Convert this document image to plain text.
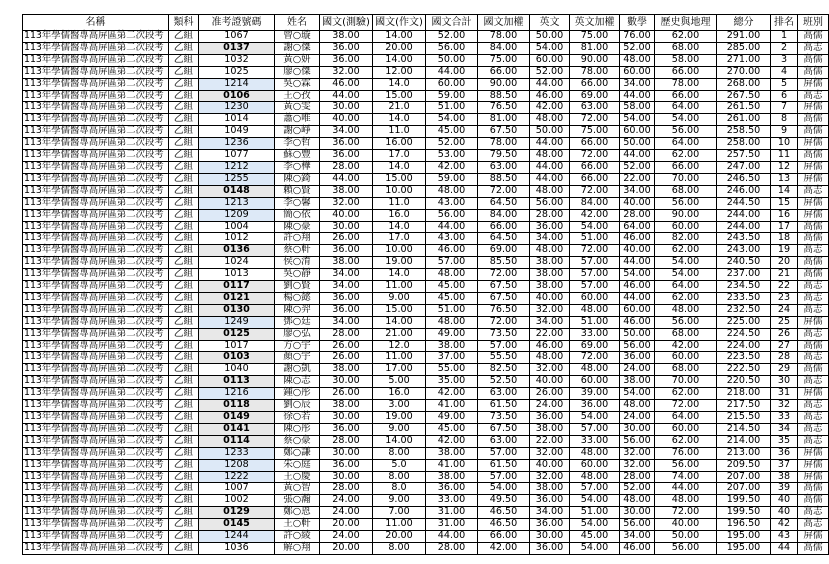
名稱	類科	准考證號碼	姓名	國文(測驗)	國文(作文)	國文合計	國文加權	英文	英文加權	數學	歷史與地理	總分	排名	班別
113年學儒醫專高屏區第二次段考	乙組	1067	曾○璇	38.00	14.00	52.00	78.00	50.00	75.00	76.00	62.00	291.00	1	高儒
113年學儒醫專高屏區第二次段考	乙組	0137	謝○傑	36.00	20.00	56.00	84.00	54.00	81.00	52.00	68.00	285.00	2	高志
113年學儒醫專高屏區第二次段考	乙組	1032	黃○妍	36.00	14.00	50.00	75.00	60.00	90.00	48.00	58.00	271.00	3	高儒
113年學儒醫專高屏區第二次段考	乙組	1025	廖○傑	32.00	12.00	44.00	66.00	52.00	78.00	60.00	66.00	270.00	4	高儒
113年學儒醫專高屏區第二次段考	乙組	1214	吳○霖	46.00	14.0	60.00	90.00	44.00	66.00	34.00	78.00	268.00	5	屏儒
113年學儒醫專高屏區第二次段考	乙組	0106	王○孜	44.00	15.00	59.00	88.50	46.00	69.00	44.00	66.00	267.50	6	高志
113年學儒醫專高屏區第二次段考	乙組	1230	黃○雯	30.00	21.0	51.00	76.50	42.00	63.00	58.00	64.00	261.50	7	屏儒
113年學儒醫專高屏區第二次段考	乙組	1014	蕭○唯	40.00	14.0	54.00	81.00	48.00	72.00	54.00	54.00	261.00	8	高儒
113年學儒醫專高屏區第二次段考	乙組	1049	謝○崢	34.00	11.0	45.00	67.50	50.00	75.00	60.00	56.00	258.50	9	高儒
113年學儒醫專高屏區第二次段考	乙組	1236	李○哲	36.00	16.00	52.00	78.00	44.00	66.00	50.00	64.00	258.00	10	屏儒
113年學儒醫專高屏區第二次段考	乙組	1077	蘇○豐	36.00	17.0	53.00	79.50	48.00	72.00	44.00	62.00	257.50	11	高儒
113年學儒醫專高屏區第二次段考	乙組	1212	李○樺	28.00	14.0	42.00	63.00	44.00	66.00	52.00	66.00	247.00	12	屏儒
113年學儒醫專高屏區第二次段考	乙組	1255	陳○錡	44.00	15.00	59.00	88.50	44.00	66.00	22.00	70.00	246.50	13	屏儒
113年學儒醫專高屏區第二次段考	乙組	0148	賴○賢	38.00	10.00	48.00	72.00	48.00	72.00	34.00	68.00	246.00	14	高志
113年學儒醫專高屏區第二次段考	乙組	1213	李○馨	32.00	11.0	43.00	64.50	56.00	84.00	40.00	56.00	244.50	15	屏儒
113年學儒醫專高屏區第二次段考	乙組	1209	簡○依	40.00	16.0	56.00	84.00	28.00	42.00	28.00	90.00	244.00	16	屏儒
113年學儒醫專高屏區第二次段考	乙組	1004	陳○豪	30.00	14.0	44.00	66.00	36.00	54.00	64.00	60.00	244.00	17	高儒
113年學儒醫專高屏區第二次段考	乙組	1012	許○翔	26.00	17.0	43.00	64.50	34.00	51.00	46.00	82.00	243.50	18	高儒
113年學儒醫專高屏區第二次段考	乙組	0136	蔡○軒	36.00	10.00	46.00	69.00	48.00	72.00	40.00	62.00	243.00	19	高志
113年學儒醫專高屏區第二次段考	乙組	1024	侯○淯	38.00	19.00	57.00	85.50	38.00	57.00	44.00	54.00	240.50	20	高儒
113年學儒醫專高屏區第二次段考	乙組	1013	吳○靜	34.00	14.0	48.00	72.00	38.00	57.00	54.00	54.00	237.00	21	高儒
113年學儒醫專高屏區第二次段考	乙組	0117	劉○賢	34.00	11.00	45.00	67.50	38.00	57.00	46.00	64.00	234.50	22	高志
113年學儒醫專高屏區第二次段考	乙組	0121	楊○懿	36.00	9.00	45.00	67.50	40.00	60.00	44.00	62.00	233.50	23	高志
113年學儒醫專高屏區第二次段考	乙組	0130	陳○羿	36.00	15.00	51.00	76.50	32.00	48.00	60.00	48.00	232.50	24	高志
113年學儒醫專高屏區第二次段考	乙組	1249	鄧○廷	34.00	14.00	48.00	72.00	34.00	51.00	46.00	56.00	225.00	25	屏儒
113年學儒醫專高屏區第二次段考	乙組	0125	廖○弘	28.00	21.00	49.00	73.50	22.00	33.00	50.00	68.00	224.50	26	高志
113年學儒醫專高屏區第二次段考	乙組	1017	方○宇	26.00	12.0	38.00	57.00	46.00	69.00	56.00	42.00	224.00	27	高儒
113年學儒醫專高屏區第二次段考	乙組	0103	顏○宇	26.00	11.00	37.00	55.50	48.00	72.00	36.00	60.00	223.50	28	高志
113年學儒醫專高屏區第二次段考	乙組	1040	謝○凱	38.00	17.00	55.00	82.50	32.00	48.00	24.00	68.00	222.50	29	高儒
113年學儒醫專高屏區第二次段考	乙組	0113	陳○志	30.00	5.00	35.00	52.50	40.00	60.00	38.00	70.00	220.50	30	高志
113年學儒醫專高屏區第二次段考	乙組	1216	鍾○彤	26.00	16.0	42.00	63.00	26.00	39.00	54.00	62.00	218.00	31	屏儒
113年學儒醫專高屏區第二次段考	乙組	0118	劉○辰	38.00	3.00	41.00	61.50	24.00	36.00	48.00	72.00	217.50	32	高志
113年學儒醫專高屏區第二次段考	乙組	0149	徐○若	30.00	19.00	49.00	73.50	36.00	54.00	24.00	64.00	215.50	33	高志
113年學儒醫專高屏區第二次段考	乙組	0141	陳○彤	36.00	9.00	45.00	67.50	38.00	57.00	30.00	60.00	214.50	34	高志
113年學儒醫專高屏區第二次段考	乙組	0114	蔡○豪	28.00	14.00	42.00	63.00	22.00	33.00	56.00	62.00	214.00	35	高志
113年學儒醫專高屏區第二次段考	乙組	1233	鄭○謙	30.00	8.00	38.00	57.00	32.00	48.00	32.00	76.00	213.00	36	屏儒
113年學儒醫專高屏區第二次段考	乙組	1208	朱○庭	36.00	5.0	41.00	61.50	40.00	60.00	32.00	56.00	209.50	37	屏儒
113年學儒醫專高屏區第二次段考	乙組	1222	王○慶	30.00	8.00	38.00	57.00	32.00	48.00	28.00	74.00	207.00	38	屏儒
113年學儒醫專高屏區第二次段考	乙組	1007	黃○智	28.00	8.0	36.00	54.00	38.00	57.00	52.00	44.00	207.00	39	高儒
113年學儒醫專高屏區第二次段考	乙組	1002	張○瀚	24.00	9.00	33.00	49.50	36.00	54.00	48.00	48.00	199.50	40	高儒
113年學儒醫專高屏區第二次段考	乙組	0129	鄭○恩	24.00	7.00	31.00	46.50	34.00	51.00	30.00	72.00	199.50	40	高志
113年學儒醫專高屏區第二次段考	乙組	0145	王○軒	20.00	11.00	31.00	46.50	36.00	54.00	56.00	40.00	196.50	42	高志
113年學儒醫專高屏區第二次段考	乙組	1244	許○綾	24.00	20.00	44.00	66.00	30.00	45.00	34.00	50.00	195.00	43	屏儒
113年學儒醫專高屏區第二次段考	乙組	1036	解○翔	20.00	8.00	28.00	42.00	36.00	54.00	46.00	56.00	195.00	44	高儒
